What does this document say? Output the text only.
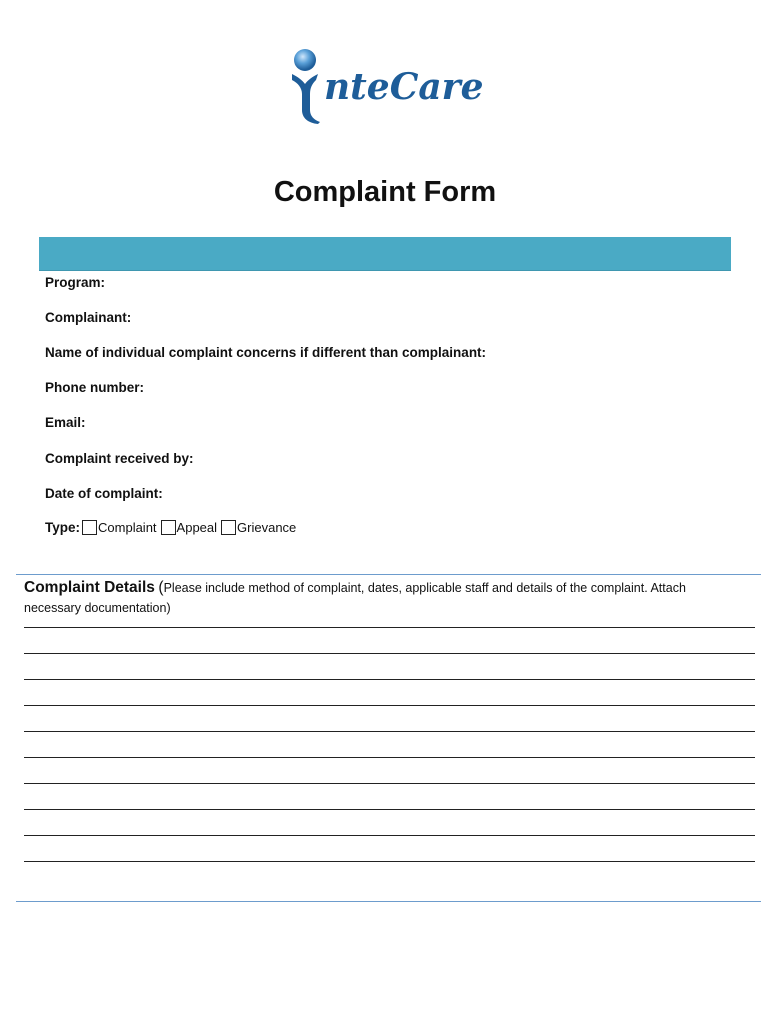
nteCare
Complaint Form
Program:
Complainant:
Name of individual complaint concerns if different than complainant:
Phone number:
Email:
Complaint received by:
Date of complaint:
Type: Complaint Appeal Grievance
Complaint Details (Please include method of complaint, dates, applicable staff and details of the complaint. Attach necessary documentation)
